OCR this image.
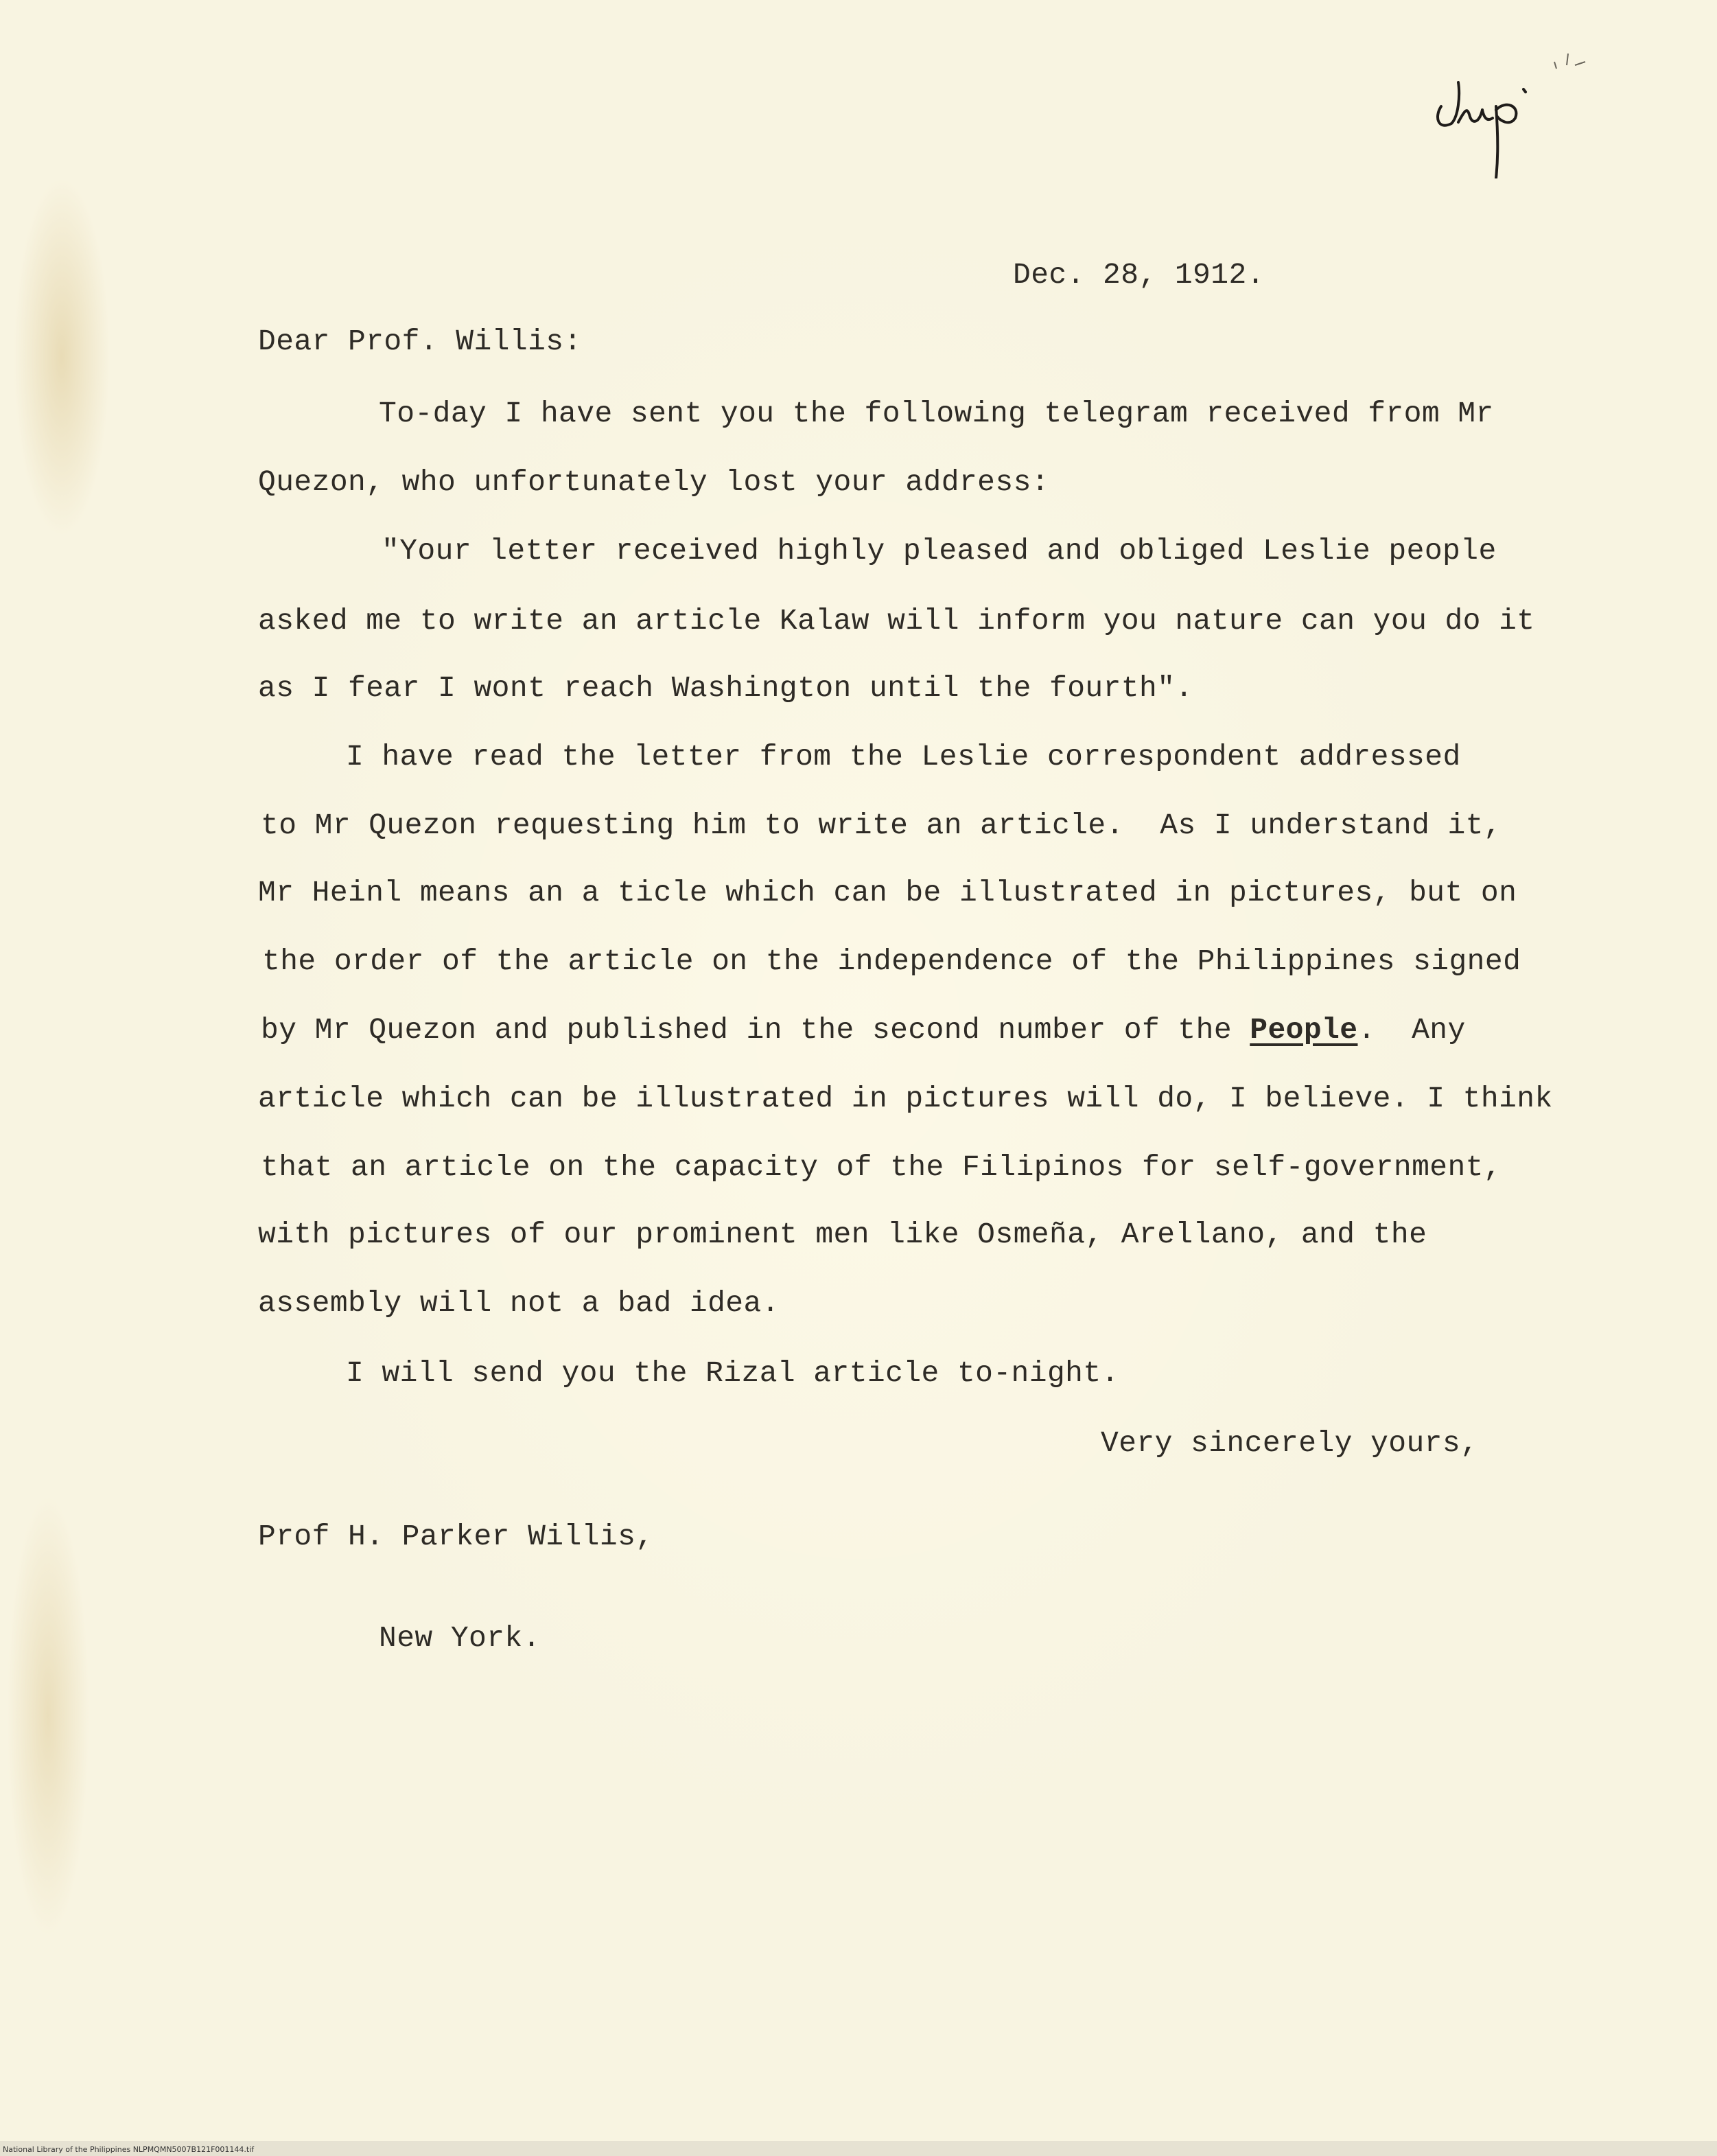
Dec. 28, 1912.
Dear Prof. Willis:
To-day I have sent you the following telegram received from Mr
Quezon, who unfortunately lost your address:
"Your letter received highly pleased and obliged Leslie people
asked me to write an article Kalaw will inform you nature can you do it
as I fear I wont reach Washington until the fourth".
I have read the letter from the Leslie correspondent addressed
to Mr Quezon requesting him to write an article.  As I understand it,
Mr Heinl means an a ticle which can be illustrated in pictures, but on
the order of the article on the independence of the Philippines signed
by Mr Quezon and published in the second number of the People.  Any
article which can be illustrated in pictures will do, I believe. I think
that an article on the capacity of the Filipinos for self-government,
with pictures of our prominent men like Osmeña, Arellano, and the
assembly will not a bad idea.
I will send you the Rizal article to-night.
Very sincerely yours,
Prof H. Parker Willis,
New York.
National Library of the Philippines NLPMQMN5007B121F001144.tif
